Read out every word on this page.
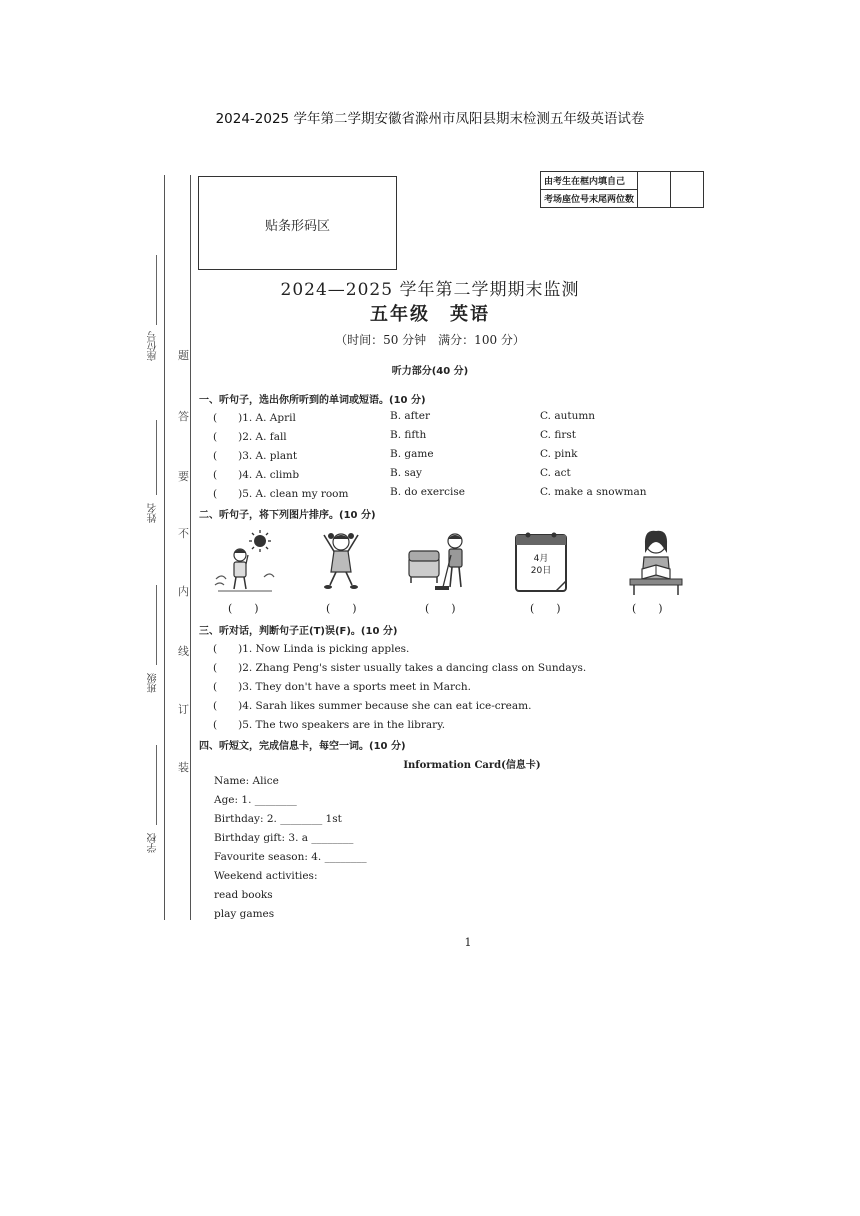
2024-2025 学年第二学期安徽省滁州市凤阳县期末检测五年级英语试卷
座位号
姓名
班级
学校
题
答
要
不
内
线
订
装
贴条形码区
由考生在框内填自己		
考场座位号末尾两位数
2024—2025 学年第二学期期末监测
五年级　英语
（时间：50 分钟　满分：100 分）
听力部分(40 分)
一、听句子，选出你所听到的单词或短语。(10 分)
(　　)1. A. April	B. after	C. autumn
(　　)2. A. fall	B. fifth	C. first
(　　)3. A. plant	B. game	C. pink
(　　)4. A. climb	B. say	C. act
(　　)5. A. clean my room	B. do exercise	C. make a snowman
二、听句子，将下列图片排序。(10 分)
4月
20日
(　　)	(　　)	(　　)	(　　)	(　　)
三、听对话，判断句子正(T)误(F)。(10 分)
(　　)1. Now Linda is picking apples.
(　　)2. Zhang Peng's sister usually takes a dancing class on Sundays.
(　　)3. They don't have a sports meet in March.
(　　)4. Sarah likes summer because she can eat ice-cream.
(　　)5. The two speakers are in the library.
四、听短文，完成信息卡，每空一词。(10 分)
Information Card(信息卡)
Name: Alice
Age: 1. ________
Birthday: 2. ________ 1st
Birthday gift: 3. a ________
Favourite season: 4. ________
Weekend activities:
read books
play games
1
